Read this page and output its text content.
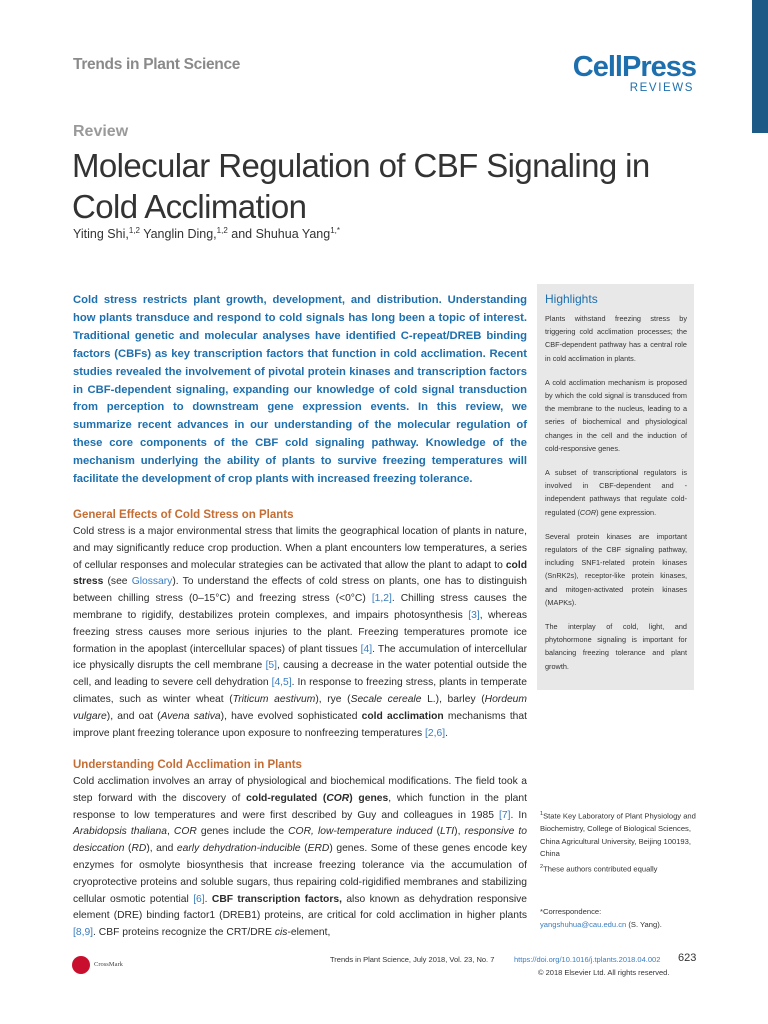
Trends in Plant Science	CellPress
REVIEWS
Review
Molecular Regulation of CBF Signaling in Cold Acclimation
Yiting Shi,$^{1,2}$ Yanglin Ding,$^{1,2}$ and Shuhua Yang$^{1,*}$
Cold stress restricts plant growth, development, and distribution. Understanding how plants transduce and respond to cold signals has long been a topic of interest. Traditional genetic and molecular analyses have identified C-repeat/DREB binding factors (CBFs) as key transcription factors that function in cold acclimation. Recent studies revealed the involvement of pivotal protein kinases and transcription factors in CBF-dependent signaling, expanding our knowledge of cold signal transduction from perception to downstream gene expression events. In this review, we summarize recent advances in our understanding of the molecular regulation of these core components of the CBF cold signaling pathway. Knowledge of the mechanism underlying the ability of plants to survive freezing temperatures will facilitate the development of crop plants with increased freezing tolerance.
General Effects of Cold Stress on Plants
Cold stress is a major environmental stress that limits the geographical location of plants in nature, and may significantly reduce crop production. When a plant encounters low temperatures, a series of cellular responses and molecular strategies can be activated that allow the plant to adapt to cold stress (see Glossary). To understand the effects of cold stress on plants, one has to distinguish between chilling stress (0–15°C) and freezing stress (<0°C) [1,2]. Chilling stress causes the membrane to rigidify, destabilizes protein complexes, and impairs photosynthesis [3], whereas freezing stress causes more serious injuries to the plant. Freezing temperatures promote ice formation in the apoplast (intercellular spaces) of plant tissues [4]. The accumulation of intercellular ice physically disrupts the cell membrane [5], causing a decrease in the water potential outside the cell, and leading to severe cell dehydration [4,5]. In response to freezing stress, plants in temperate climates, such as winter wheat (Triticum aestivum), rye (Secale cereale L.), barley (Hordeum vulgare), and oat (Avena sativa), have evolved sophisticated cold acclimation mechanisms that improve plant freezing tolerance upon exposure to nonfreezing temperatures [2,6].
Understanding Cold Acclimation in Plants
Cold acclimation involves an array of physiological and biochemical modifications. The field took a step forward with the discovery of cold-regulated (COR) genes, which function in the plant response to low temperatures and were first described by Guy and colleagues in 1985 [7]. In Arabidopsis thaliana, COR genes include the COR, low-temperature induced (LTI), responsive to desiccation (RD), and early dehydration-inducible (ERD) genes. Some of these genes encode key enzymes for osmolyte biosynthesis that increase freezing tolerance via the accumulation of cryoprotective proteins and soluble sugars, thus repairing cold-rigidified membranes and stabilizing cellular osmotic potential [6]. CBF transcription factors, also known as dehydration responsive element (DRE) binding factor1 (DREB1) proteins, are critical for cold acclimation in higher plants [8,9]. CBF proteins recognize the CRT/DRE cis-element,
Highlights
Plants withstand freezing stress by triggering cold acclimation processes; the CBF-dependent pathway has a central role in cold acclimation in plants.
A cold acclimation mechanism is proposed by which the cold signal is transduced from the membrane to the nucleus, leading to a series of biochemical and physiological changes in the cell and the induction of cold-responsive genes.
A subset of transcriptional regulators is involved in CBF-dependent and -independent pathways that regulate cold-regulated (COR) gene expression.
Several protein kinases are important regulators of the CBF signaling pathway, including SNF1-related protein kinases (SnRK2s), receptor-like protein kinases, and mitogen-activated protein kinases (MAPKs).
The interplay of cold, light, and phytohormone signaling is important for balancing freezing tolerance and plant growth.
$^1$State Key Laboratory of Plant Physiology and Biochemistry, College of Biological Sciences, China Agricultural University, Beijing 100193, China
$^2$These authors contributed equally
*Correspondence:
yangshuhua@cau.edu.cn (S. Yang).
CrossMark
Trends in Plant Science, July 2018, Vol. 23, No. 7	https://doi.org/10.1016/j.tplants.2018.04.002 623
© 2018 Elsevier Ltd. All rights reserved.
